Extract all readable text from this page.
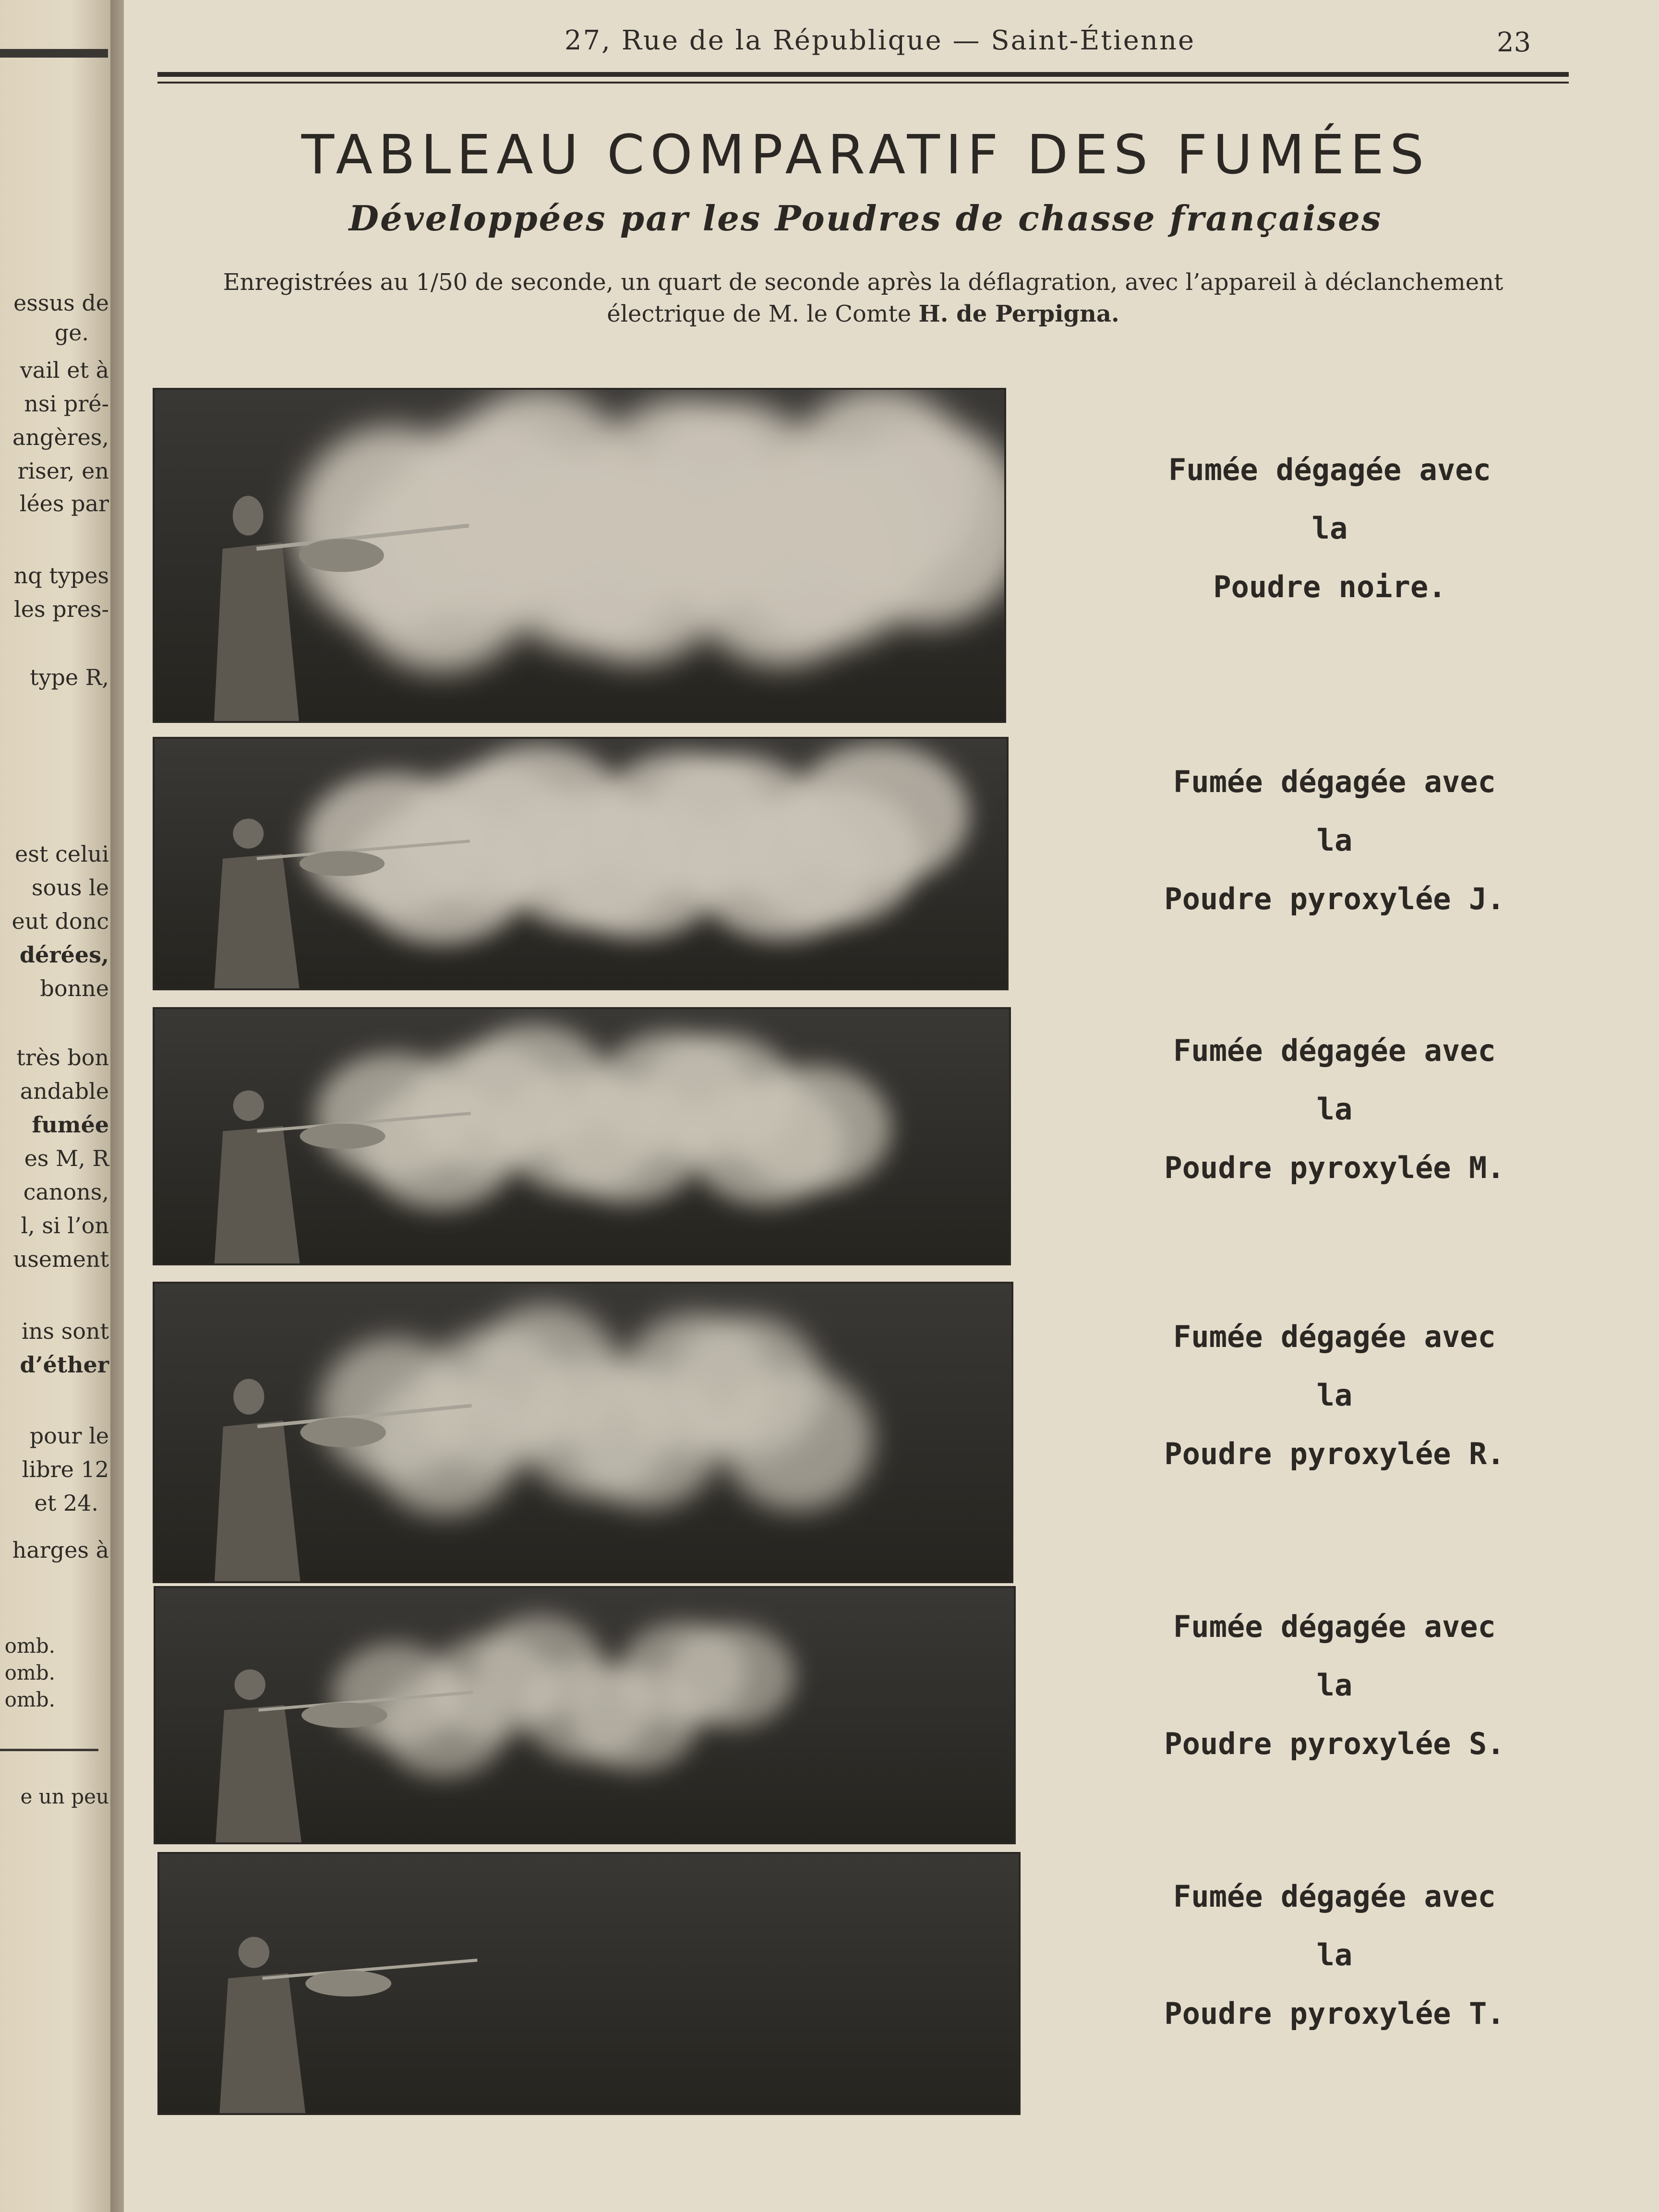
essus de
ge.
vail et à
nsi pré-
angères,
riser, en
lées par
nq types
les pres-
type R,
est celui
sous le
eut donc
dérées,
bonne
très bon
andable
fumée
es M, R
canons,
l, si l’on
usement
ins sont
d’éther
pour le
libre 12
et 24.
harges à
omb.
omb.
omb.
e un peu
27, Rue de la République — Saint-Étienne	23
TABLEAU COMPARATIF DES FUMÉES
Développées par les Poudres de chasse françaises
Enregistrées au 1/50 de seconde, un quart de seconde après la déflagration, avec l’appareil à déclanchement
électrique de M. le Comte H. de Perpigna.
Fumée dégagée avec
la
Poudre noire.
Fumée dégagée avec
la
Poudre pyroxylée J.
Fumée dégagée avec
la
Poudre pyroxylée M.
Fumée dégagée avec
la
Poudre pyroxylée R.
Fumée dégagée avec
la
Poudre pyroxylée S.
Fumée dégagée avec
la
Poudre pyroxylée T.
